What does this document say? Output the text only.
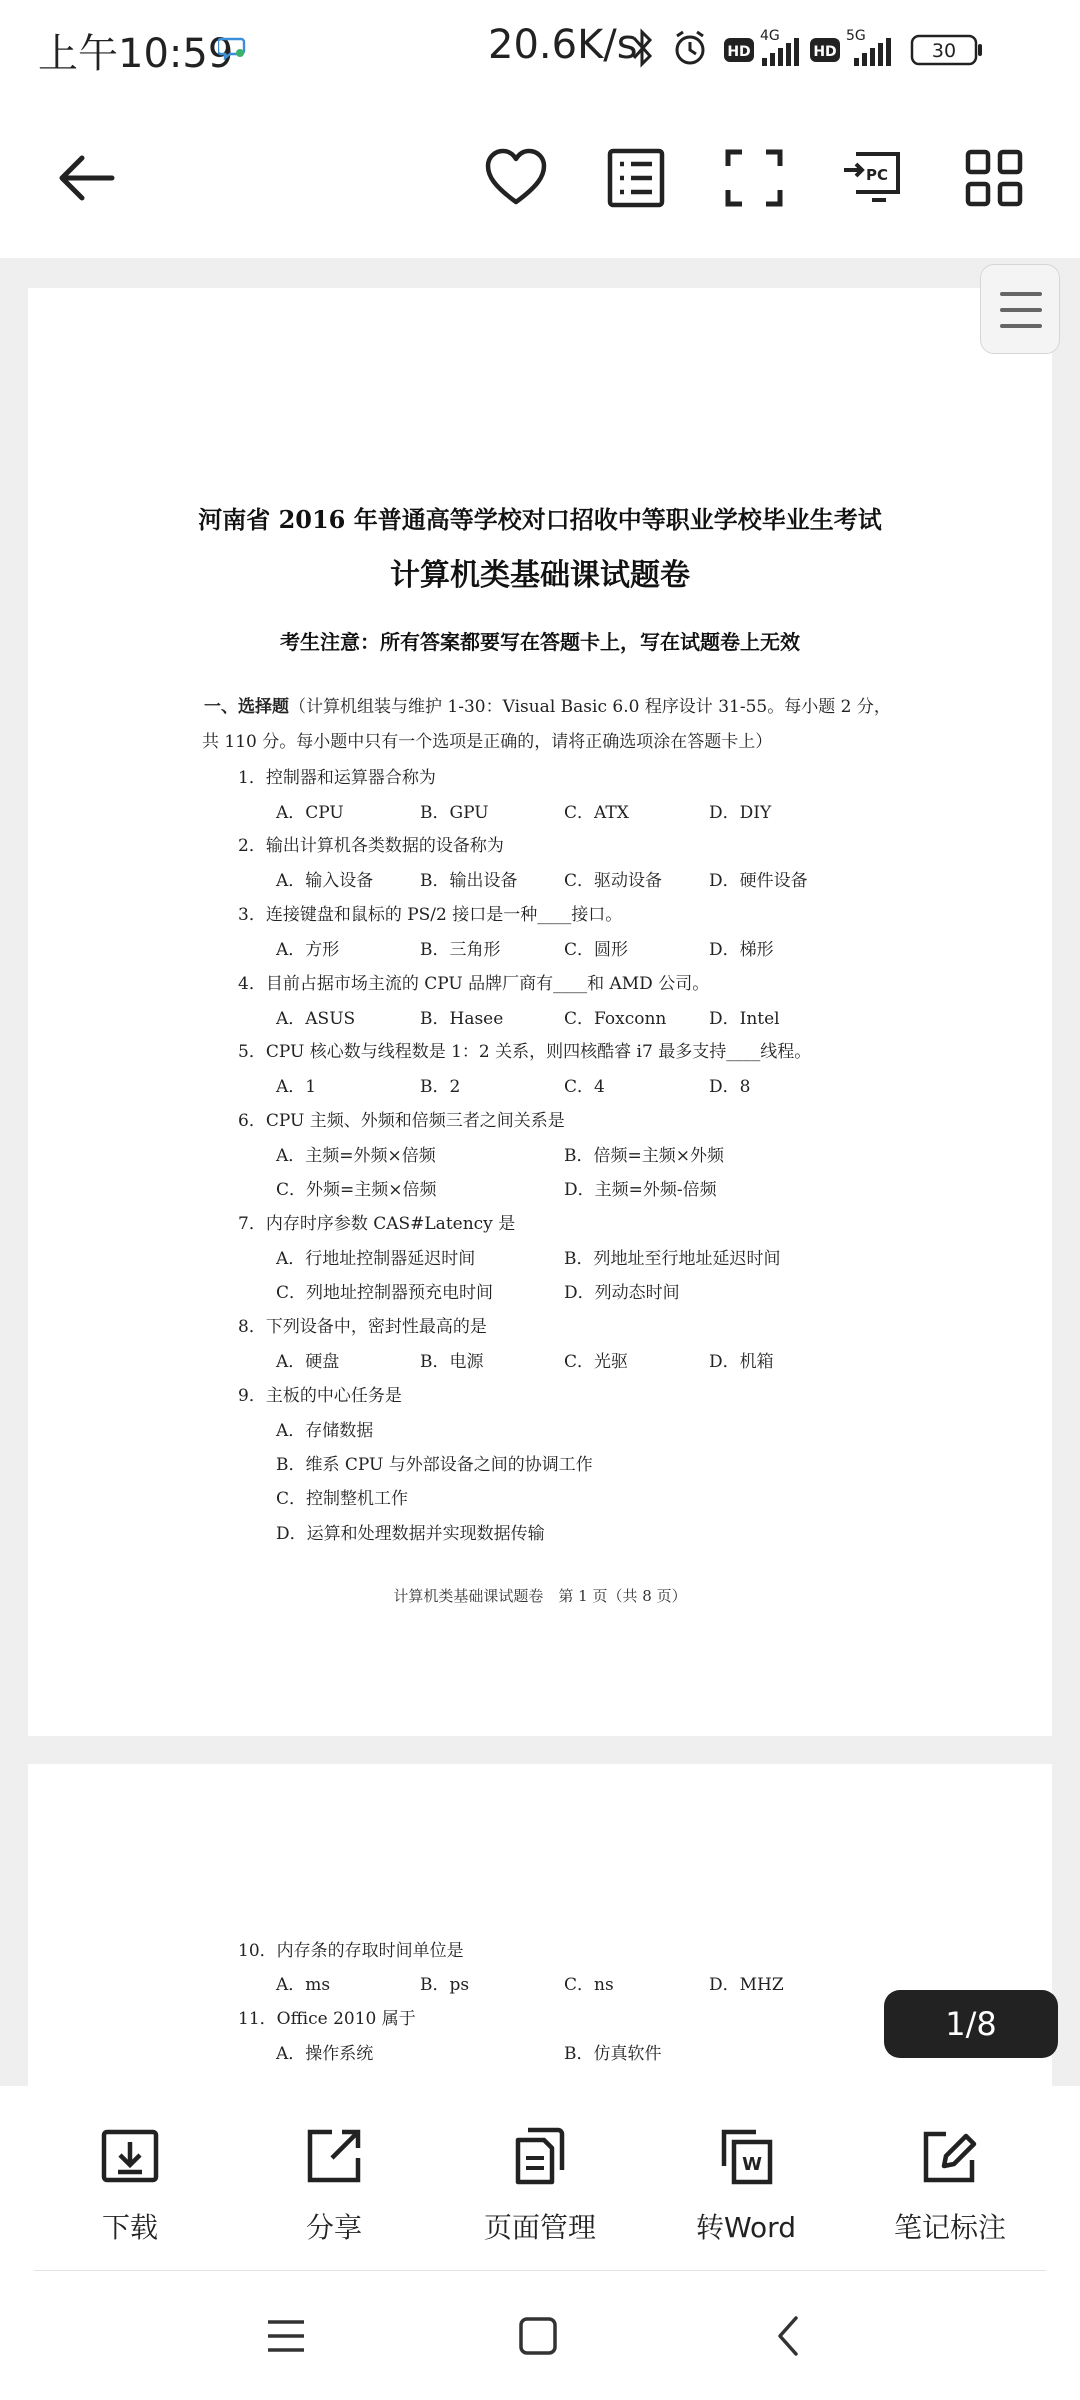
上午10:59	20.6K/s	HD
4G
HD
5G
30
PC
河南省 2016 年普通高等学校对口招收中等职业学校毕业生考试
计算机类基础课试题卷
考生注意：所有答案都要写在答题卡上，写在试题卷上无效
一、选择题（计算机组装与维护 1-30：Visual Basic 6.0 程序设计 31-55。每小题 2 分，
共 110 分。每小题中只有一个选项是正确的，请将正确选项涂在答题卡上）
1．控制器和运算器合称为
A．CPU	B．GPU	C．ATX	D．DIY
2．输出计算机各类数据的设备称为
A．输入设备	B．输出设备	C．驱动设备	D．硬件设备
3．连接键盘和鼠标的 PS/2 接口是一种____接口。
A．方形	B．三角形	C．圆形	D．梯形
4．目前占据市场主流的 CPU 品牌厂商有____和 AMD 公司。
A．ASUS	B．Hasee	C．Foxconn	D．Intel
5．CPU 核心数与线程数是 1：2 关系，则四核酷睿 i7 最多支持____线程。
A．1	B．2	C．4	D．8
6．CPU 主频、外频和倍频三者之间关系是
A．主频=外频×倍频	B．倍频=主频×外频
C．外频=主频×倍频	D．主频=外频-倍频
7．内存时序参数 CAS#Latency 是
A．行地址控制器延迟时间	B．列地址至行地址延迟时间
C．列地址控制器预充电时间	D．列动态时间
8．下列设备中，密封性最高的是
A．硬盘	B．电源	C．光驱	D．机箱
9．主板的中心任务是
A．存储数据
B．维系 CPU 与外部设备之间的协调工作
C．控制整机工作
D．运算和处理数据并实现数据传输
计算机类基础课试题卷　第 1 页（共 8 页）
10．内存条的存取时间单位是
A．ms	B．ps	C．ns	D．MHZ
11．Office 2010 属于
A．操作系统	B．仿真软件
1/8
下载	分享	页面管理
W
转Word	笔记标注
